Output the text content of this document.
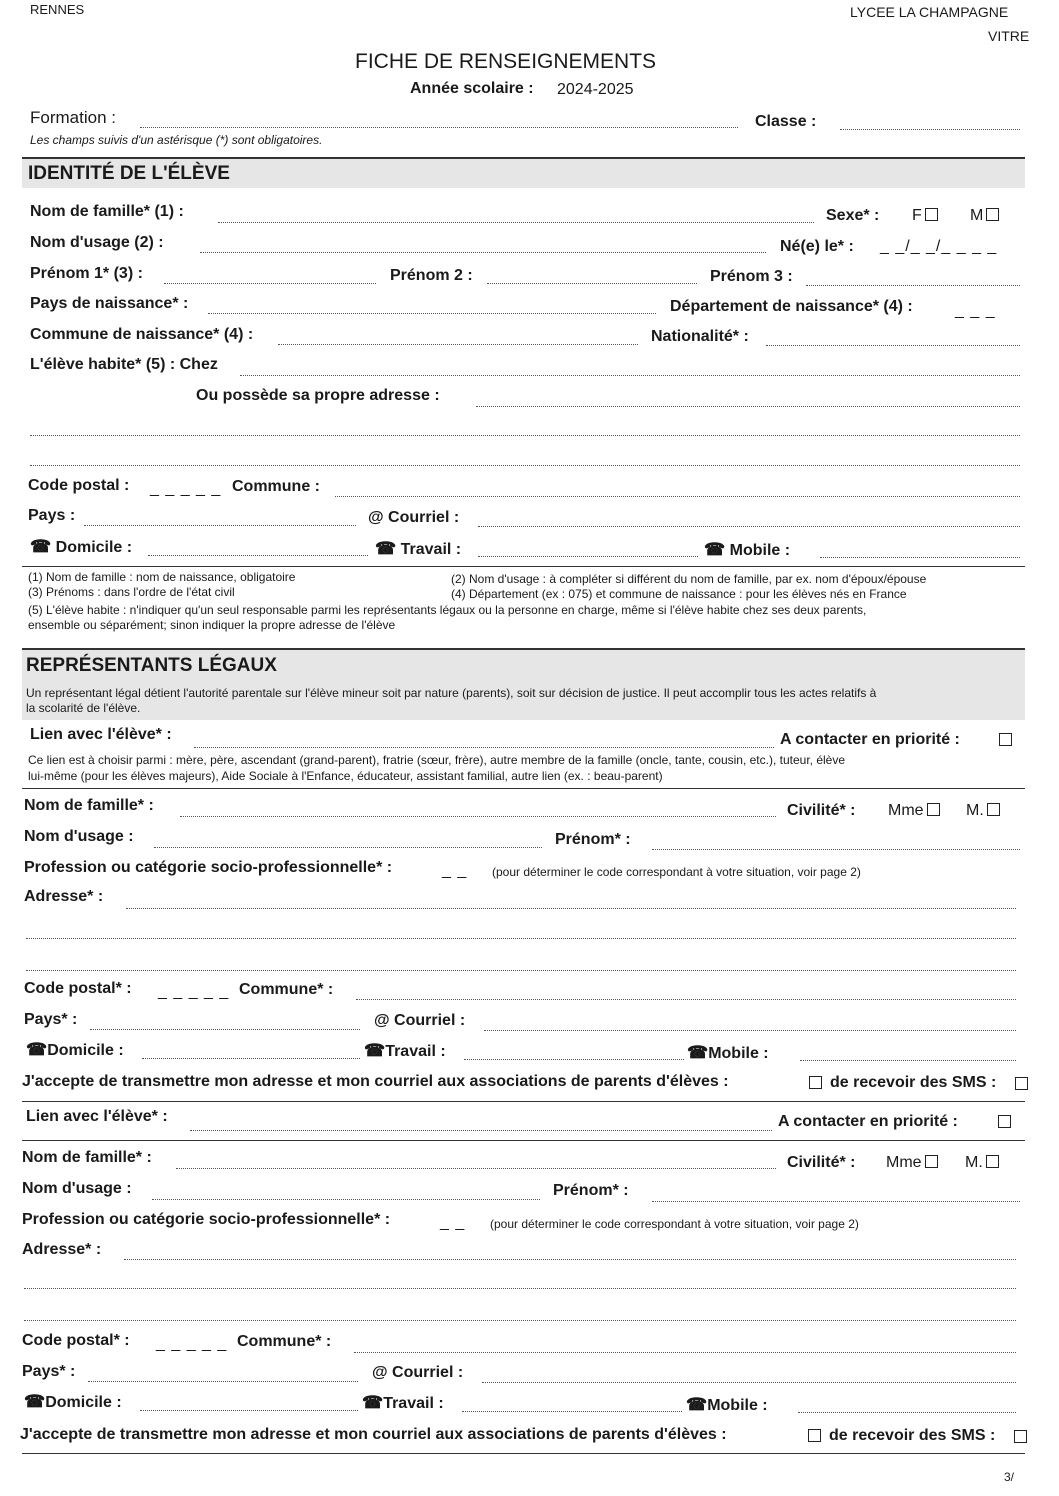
RENNES	LYCEE LA CHAMPAGNE
VITRE
FICHE DE RENSEIGNEMENTS
Année scolaire : 2024-2025
Formation :	Classe :
Les champs suivis d'un astérisque (*) sont obligatoires.
IDENTITÉ DE L'ÉLÈVE
Nom de famille* (1) :	Sexe* : F	M
Nom d'usage (2) :	Né(e) le* : _ _/_ _/_ _ _ _
Prénom 1* (3) :	Prénom 2 :	Prénom 3 :
Pays de naissance* :	Département de naissance* (4) :	_ _ _
Commune de naissance* (4) :	Nationalité* :
L'élève habite* (5) : Chez
Ou possède sa propre adresse :
Code postal : _ _ _ _ _ Commune :
Pays :	@ Courriel :
☎ Domicile :	☎ Travail :	☎ Mobile :
(1) Nom de famille : nom de naissance, obligatoire	(2) Nom d'usage : à compléter si différent du nom de famille, par ex. nom d'époux/épouse
(3) Prénoms : dans l'ordre de l'état civil	(4) Département (ex : 075) et commune de naissance : pour les élèves nés en France
(5) L'élève habite : n'indiquer qu'un seul responsable parmi les représentants légaux ou la personne en charge, même si l'élève habite chez ses deux parents,
ensemble ou séparément; sinon indiquer la propre adresse de l'élève
REPRÉSENTANTS LÉGAUX
Un représentant légal détient l'autorité parentale sur l'élève mineur soit par nature (parents), soit sur décision de justice. Il peut accomplir tous les actes relatifs à
la scolarité de l'élève.
Lien avec l'élève* :	A contacter en priorité :
Ce lien est à choisir parmi : mère, père, ascendant (grand-parent), fratrie (sœur, frère), autre membre de la famille (oncle, tante, cousin, etc.), tuteur, élève
lui-même (pour les élèves majeurs), Aide Sociale à l'Enfance, éducateur, assistant familial, autre lien (ex. : beau-parent)
Nom de famille* :	Civilité* : Mme	M.
Nom d'usage :	Prénom* :
Profession ou catégorie socio-professionnelle* :	_ _ (pour déterminer le code correspondant à votre situation, voir page 2)
Adresse* :
Code postal* : _ _ _ _ _ Commune* :
Pays* :	@ Courriel :
☎Domicile :	☎Travail :	☎Mobile :
J'accepte de transmettre mon adresse et mon courriel aux associations de parents d'élèves :	de recevoir des SMS :
Lien avec l'élève* :	A contacter en priorité :
Nom de famille* :	Civilité* : Mme	M.
Nom d'usage :	Prénom* :
Profession ou catégorie socio-professionnelle* :	_ _ (pour déterminer le code correspondant à votre situation, voir page 2)
Adresse* :
Code postal* : _ _ _ _ _ Commune* :
Pays* :	@ Courriel :
☎Domicile :	☎Travail :	☎Mobile :
J'accepte de transmettre mon adresse et mon courriel aux associations de parents d'élèves :	de recevoir des SMS :
3/
